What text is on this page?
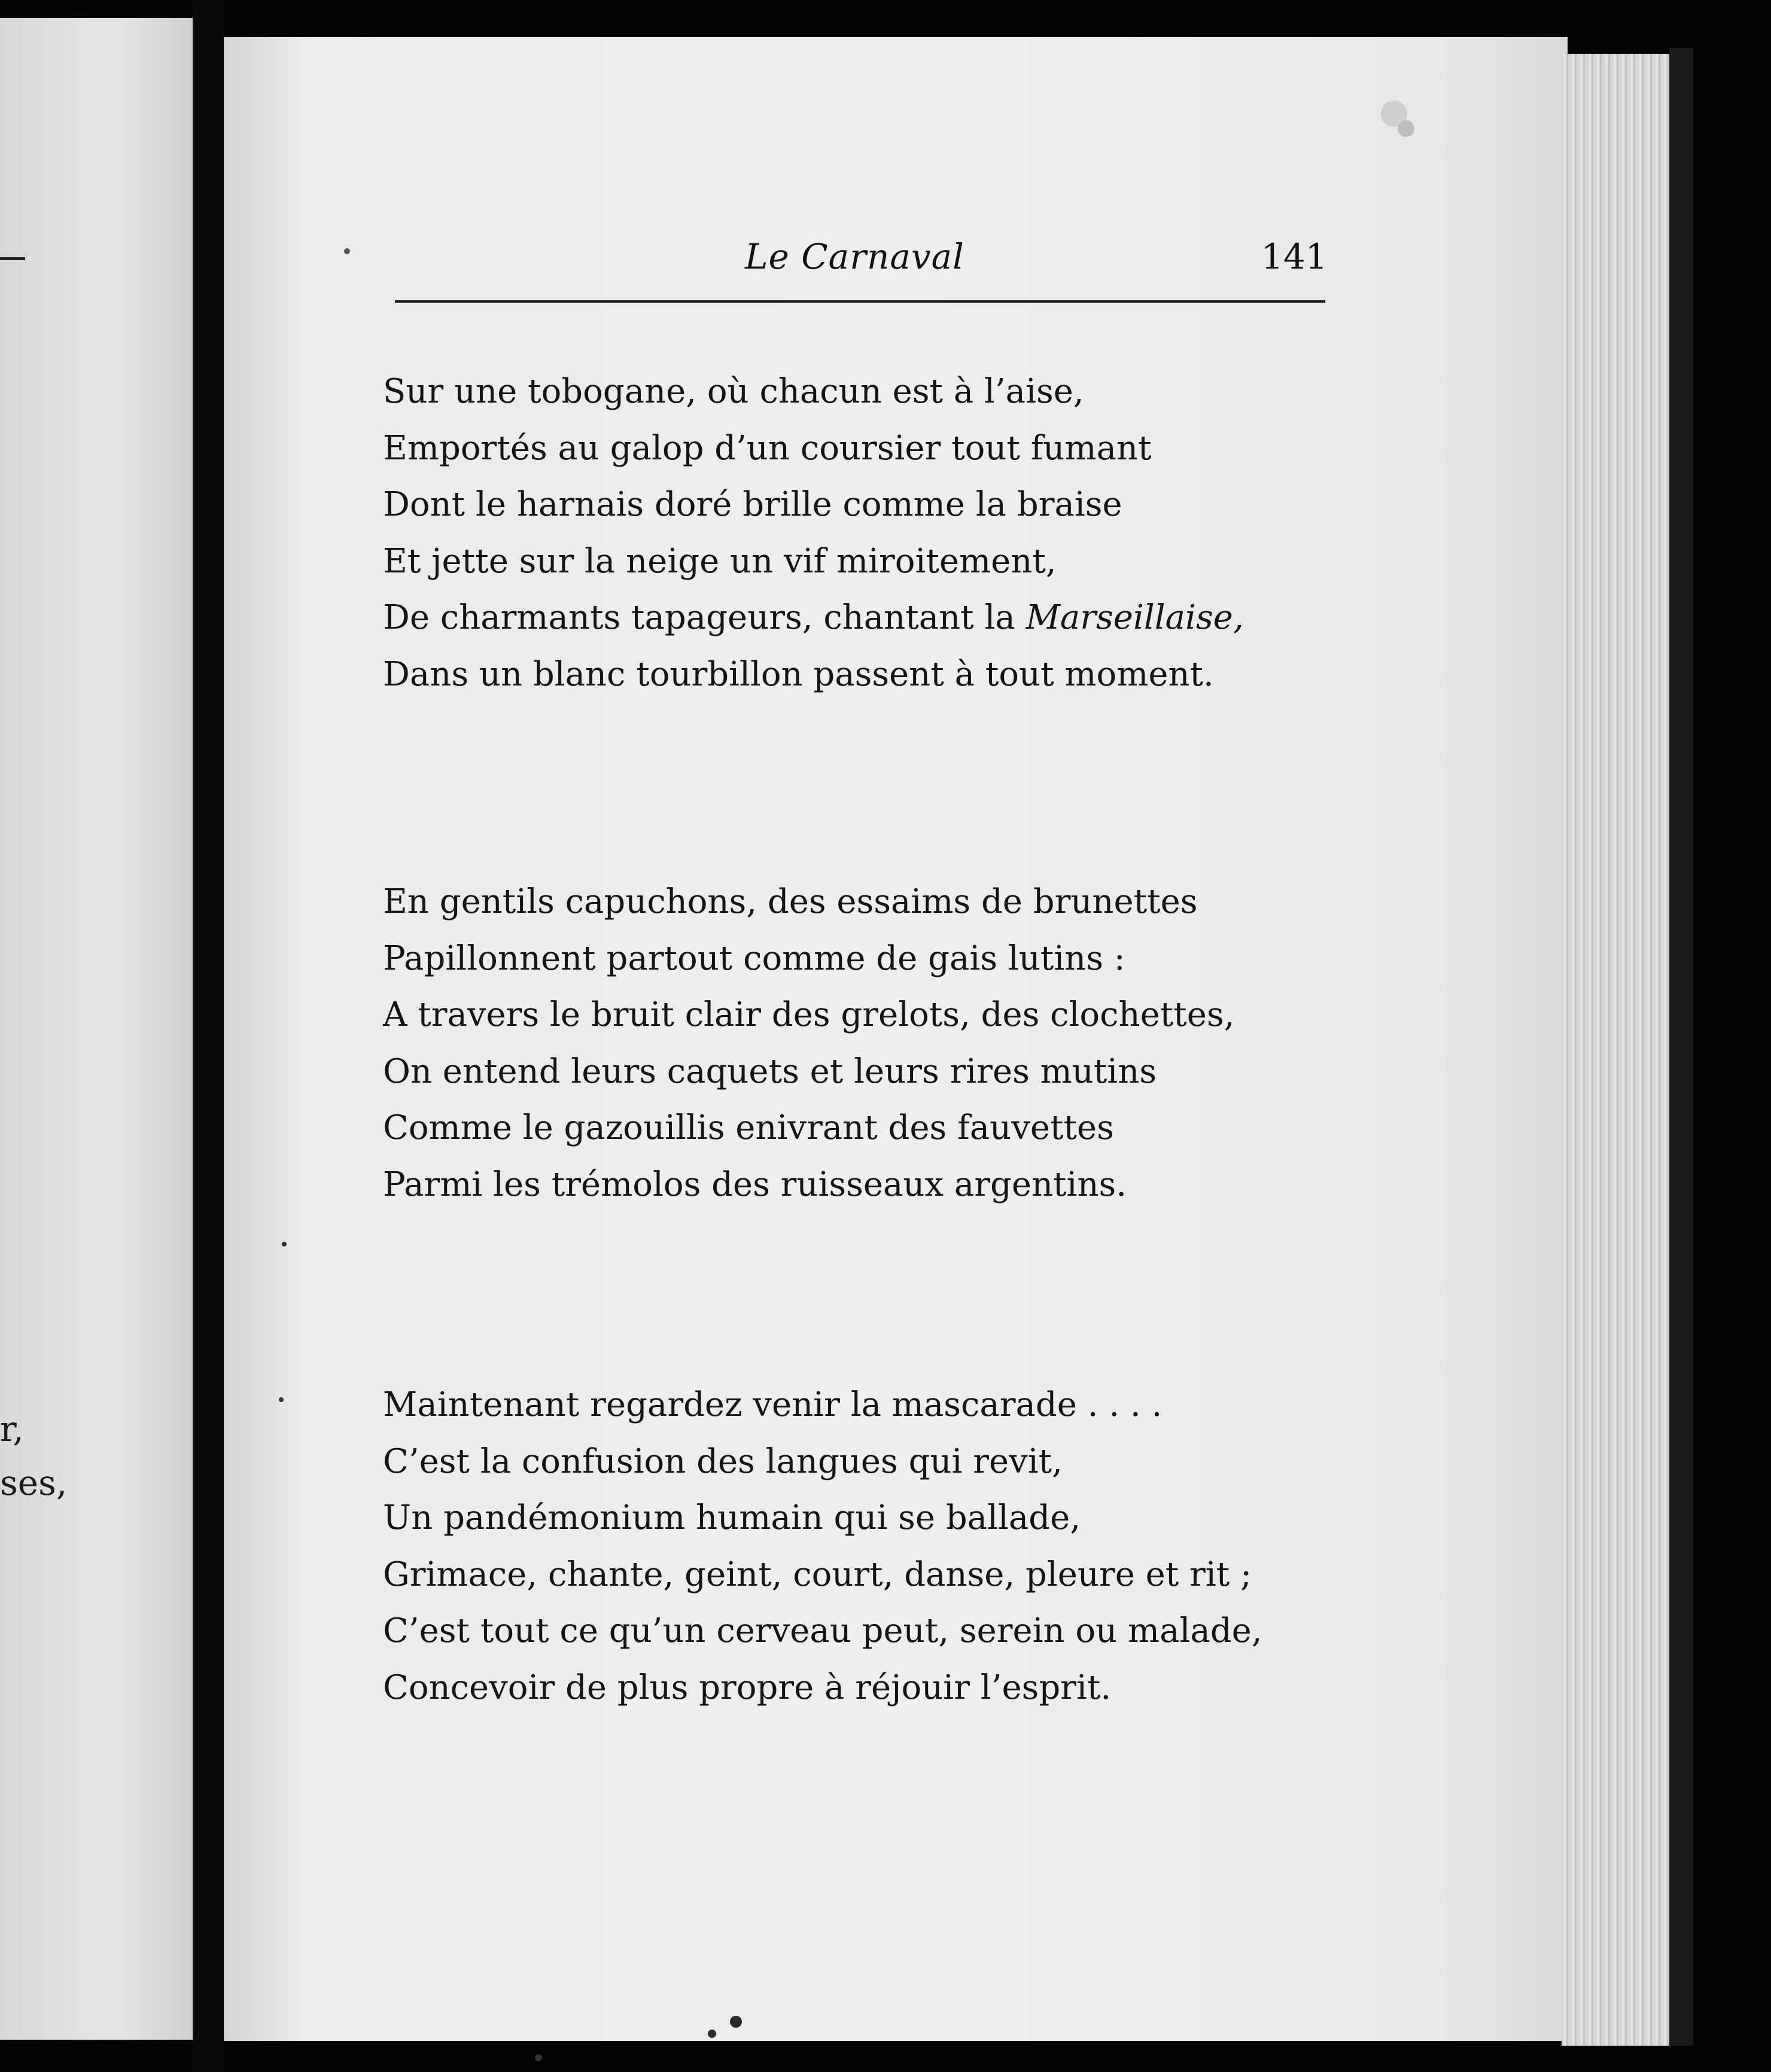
r,
ses,
Le Carnaval	141
Sur une tobogane, où chacun est à l’aise,
Emportés au galop d’un coursier tout fumant
Dont le harnais doré brille comme la braise
Et jette sur la neige un vif miroitement,
De charmants tapageurs, chantant la Marseillaise,
Dans un blanc tourbillon passent à tout moment.
En gentils capuchons, des essaims de brunettes
Papillonnent partout comme de gais lutins :
A travers le bruit clair des grelots, des clochettes,
On entend leurs caquets et leurs rires mutins
Comme le gazouillis enivrant des fauvettes
Parmi les trémolos des ruisseaux argentins.
Maintenant regardez venir la mascarade . . . .
C’est la confusion des langues qui revit,
Un pandémonium humain qui se ballade,
Grimace, chante, geint, court, danse, pleure et rit ;
C’est tout ce qu’un cerveau peut, serein ou malade,
Concevoir de plus propre à réjouir l’esprit.
